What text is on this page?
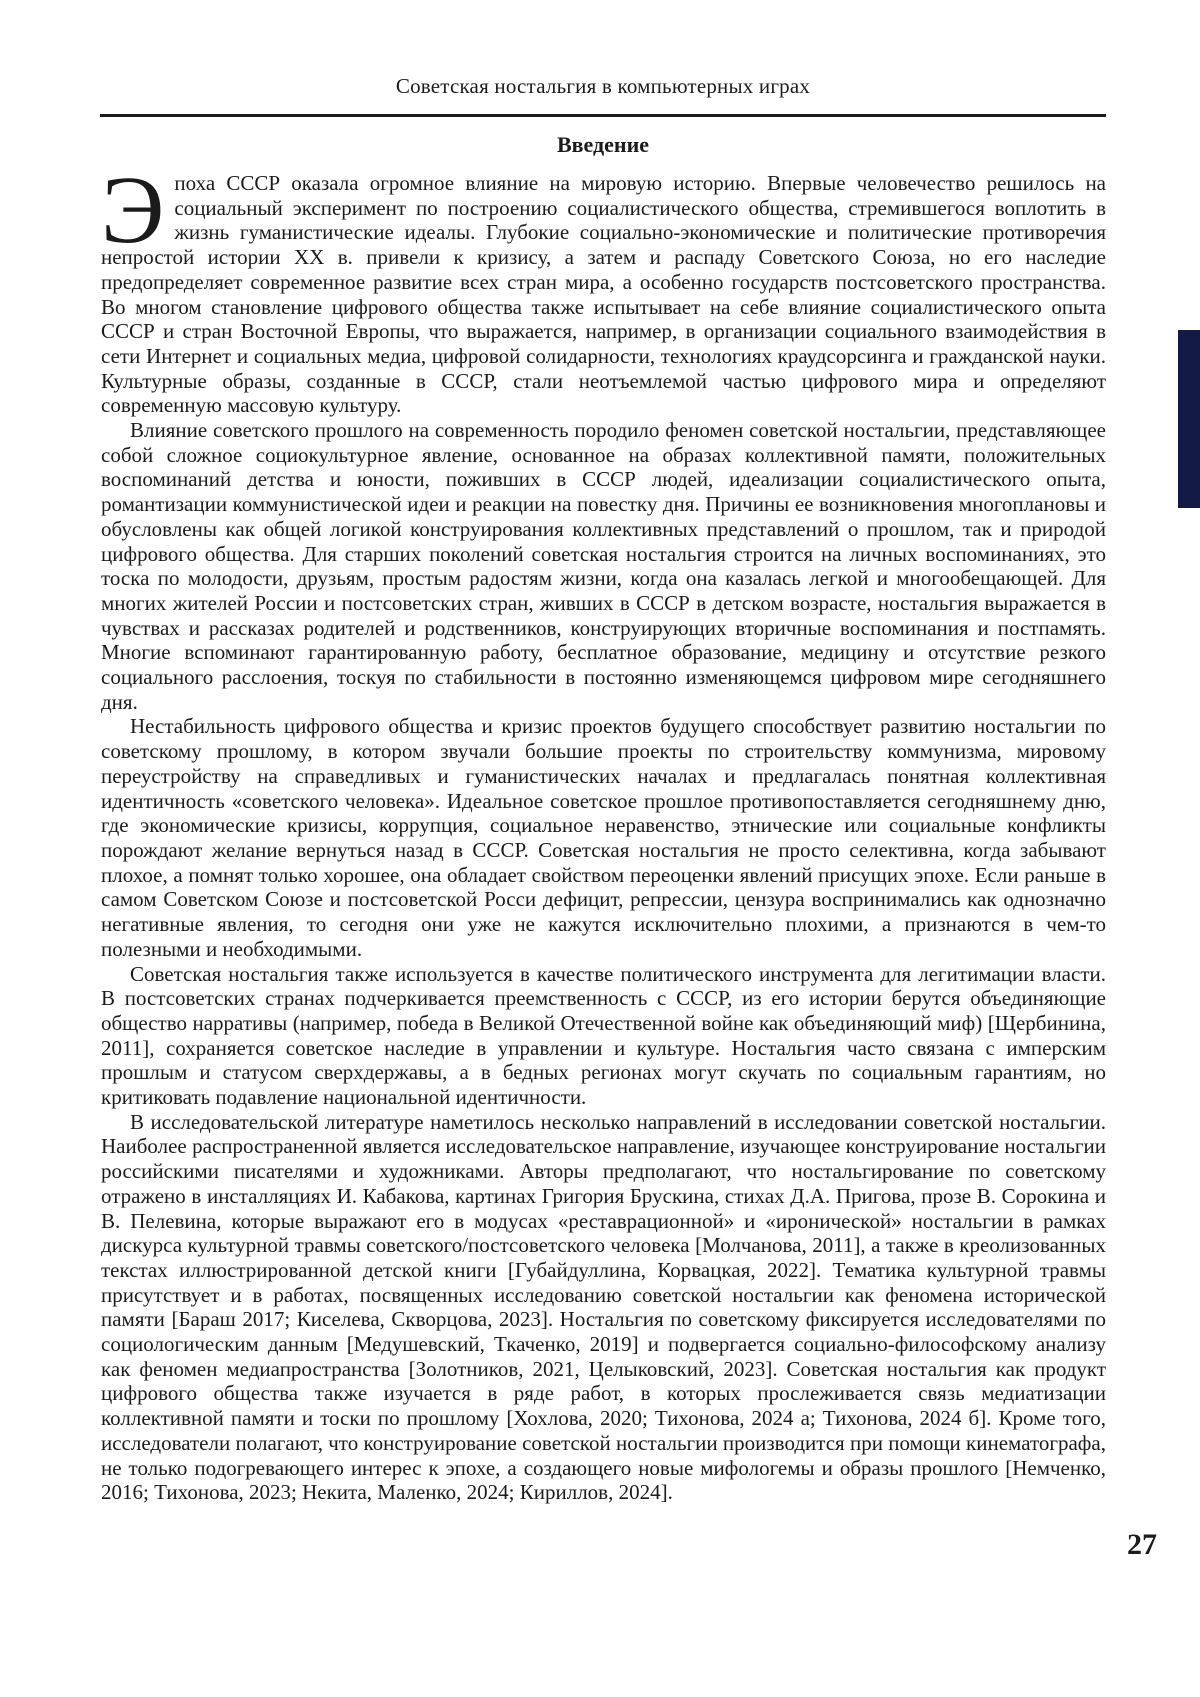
Советская ностальгия в компьютерных играх
Введение

Эпоха СССР оказала огромное влияние на мировую историю. Впервые человечество решилось на социальный эксперимент по построению социалистического общества, стремившегося воплотить в жизнь гуманистические идеалы. Глубокие социально-экономические и политические противоречия непростой истории XX в. привели к кризису, а затем и распаду Советского Союза, но его наследие предопределяет современное развитие всех стран мира, а особенно государств постсоветского пространства. Во многом становление цифрового общества также испытывает на себе влияние социалистического опыта СССР и стран Восточной Европы, что выражается, например, в организации социального взаимодействия в сети Интернет и социальных медиа, цифровой солидарности, технологиях краудсорсинга и гражданской науки. Культурные образы, созданные в СССР, стали неотъемлемой частью цифрового мира и определяют современную массовую культуру.

Влияние советского прошлого на современность породило феномен советской ностальгии, представляющее собой сложное социокультурное явление, основанное на образах коллективной памяти, положительных воспоминаний детства и юности, поживших в СССР людей, идеализации социалистического опыта, романтизации коммунистической идеи и реакции на повестку дня. Причины ее возникновения многоплановы и обусловлены как общей логикой конструирования коллективных представлений о прошлом, так и природой цифрового общества. Для старших поколений советская ностальгия строится на личных воспоминаниях, это тоска по молодости, друзьям, простым радостям жизни, когда она казалась легкой и многообещающей. Для многих жителей России и постсоветских стран, живших в СССР в детском возрасте, ностальгия выражается в чувствах и рассказах родителей и родственников, конструирующих вторичные воспоминания и постпамять. Многие вспоминают гарантированную работу, бесплатное образование, медицину и отсутствие резкого социального расслоения, тоскуя по стабильности в постоянно изменяющемся цифровом мире сегодняшнего дня.

Нестабильность цифрового общества и кризис проектов будущего способствует развитию ностальгии по советскому прошлому, в котором звучали большие проекты по строительству коммунизма, мировому переустройству на справедливых и гуманистических началах и предлагалась понятная коллективная идентичность «советского человека». Идеальное советское прошлое противопоставляется сегодняшнему дню, где экономические кризисы, коррупция, социальное неравенство, этнические или социальные конфликты порождают желание вернуться назад в СССР. Советская ностальгия не просто селективна, когда забывают плохое, а помнят только хорошее, она обладает свойством переоценки явлений присущих эпохе. Если раньше в самом Советском Союзе и постсоветской Росси дефицит, репрессии, цензура воспринимались как однозначно негативные явления, то сегодня они уже не кажутся исключительно плохими, а признаются в чем-то полезными и необходимыми.

Советская ностальгия также используется в качестве политического инструмента для легитимации власти. В постсоветских странах подчеркивается преемственность с СССР, из его истории берутся объединяющие общество нарративы (например, победа в Великой Отечественной войне как объединяющий миф) [Щербинина, 2011], сохраняется советское наследие в управлении и культуре. Ностальгия часто связана с имперским прошлым и статусом сверхдержавы, а в бедных регионах могут скучать по социальным гарантиям, но критиковать подавление национальной идентичности.

В исследовательской литературе наметилось несколько направлений в исследовании советской ностальгии. Наиболее распространенной является исследовательское направление, изучающее конструирование ностальгии российскими писателями и художниками. Авторы предполагают, что ностальгирование по советскому отражено в инсталляциях И. Кабакова, картинах Григория Брускина, стихах Д.А. Пригова, прозе В. Сорокина и В. Пелевина, которые выражают его в модусах «реставрационной» и «иронической» ностальгии в рамках дискурса культурной травмы советского/постсоветского человека [Молчанова, 2011], а также в креолизованных текстах иллюстрированной детской книги [Губайдуллина, Корвацкая, 2022]. Тематика культурной травмы присутствует и в работах, посвященных исследованию советской ностальгии как феномена исторической памяти [Бараш 2017; Киселева, Скворцова, 2023]. Ностальгия по советскому фиксируется исследователями по социологическим данным [Медушевский, Ткаченко, 2019] и подвергается социально-философскому анализу как феномен медиапространства [Золотников, 2021, Целыковский, 2023]. Советская ностальгия как продукт цифрового общества также изучается в ряде работ, в которых прослеживается связь медиатизации коллективной памяти и тоски по прошлому [Хохлова, 2020; Тихонова, 2024 а; Тихонова, 2024 б]. Кроме того, исследователи полагают, что конструирование советской ностальгии производится при помощи кинематографа, не только подогревающего интерес к эпохе, а создающего новые мифологемы и образы прошлого [Немченко, 2016; Тихонова, 2023; Некита, Маленко, 2024; Кириллов, 2024].

27
